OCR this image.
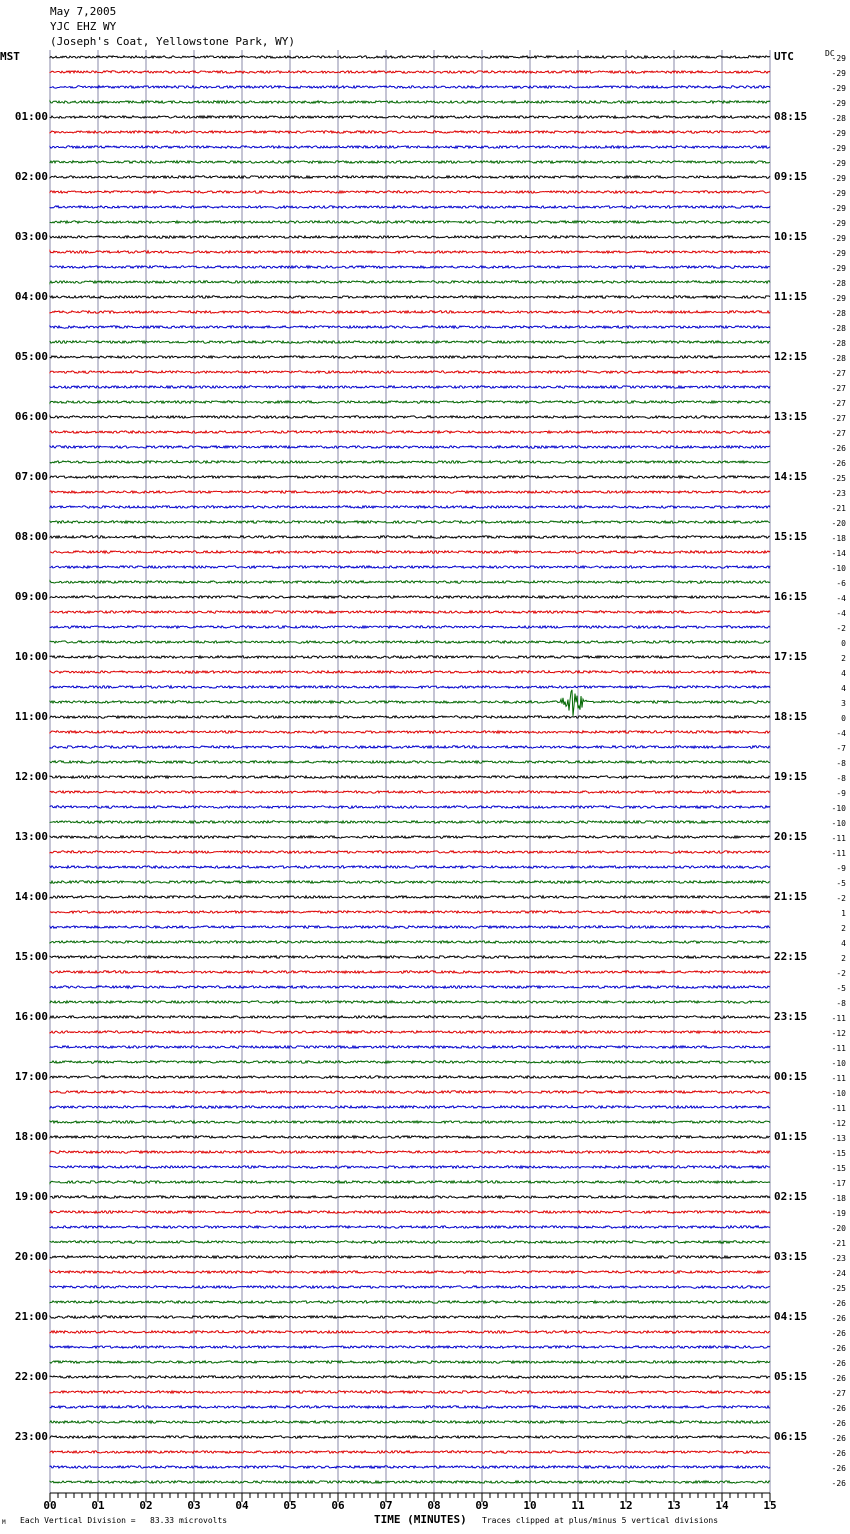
May 7,2005
YJC EHZ WY
(Joseph's Coat, Yellowstone Park, WY)
MST
01:00
02:00
03:00
04:00
05:00
06:00
07:00
08:00
09:00
10:00
11:00
12:00
13:00
14:00
15:00
16:00
17:00
18:00
19:00
20:00
21:00
22:00
23:00
UTC
08:15
09:15
10:15
11:15
12:15
13:15
14:15
15:15
16:15
17:15
18:15
19:15
20:15
21:15
22:15
23:15
00:15
01:15
02:15
03:15
04:15
05:15
06:15
DC
-29
-29
-29
-29
-28
-29
-29
-29
-29
-29
-29
-29
-29
-29
-29
-28
-29
-28
-28
-28
-28
-27
-27
-27
-27
-27
-26
-26
-25
-23
-21
-20
-18
-14
-10
-6
-4
-4
-2
0
2
4
4
3
0
-4
-7
-8
-8
-9
-10
-10
-11
-11
-9
-5
-2
1
2
4
2
-2
-5
-8
-11
-12
-11
-10
-11
-10
-11
-12
-13
-15
-15
-17
-18
-19
-20
-21
-23
-24
-25
-26
-26
-26
-26
-26
-26
-27
-26
-26
-26
-26
-26
-26
00	01	02	03	04	05	06	07	08	09	10	11	12	13	14	15
M Each Vertical Division =   83.33 microvolts	TIME (MINUTES) Traces clipped at plus/minus 5 vertical divisions
